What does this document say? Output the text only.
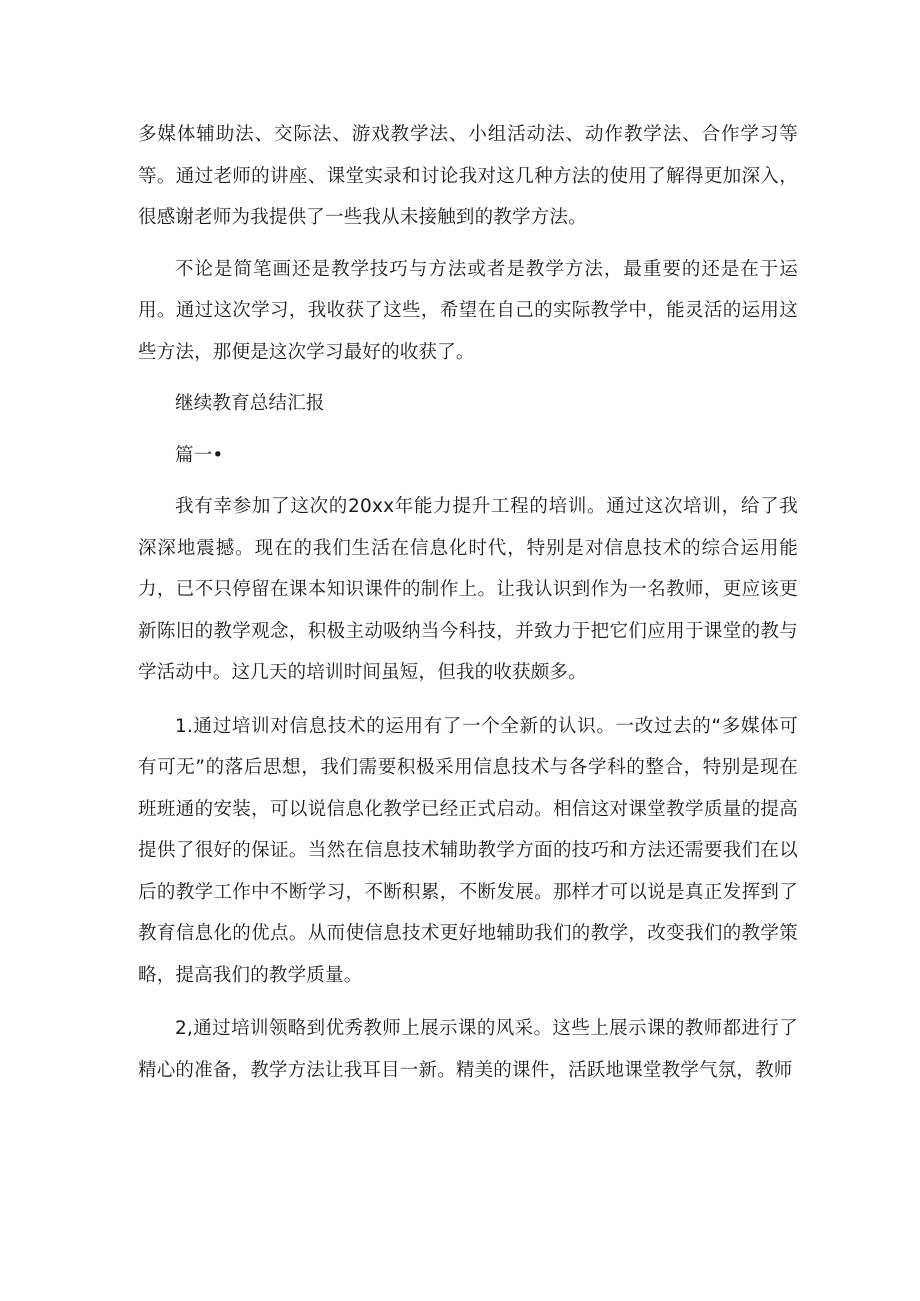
多媒体辅助法、交际法、游戏教学法、小组活动法、动作教学法、合作学习等等。通过老师的讲座、课堂实录和讨论我对这几种方法的使用了解得更加深入，很感谢老师为我提供了一些我从未接触到的教学方法。

不论是简笔画还是教学技巧与方法或者是教学方法，最重要的还是在于运用。通过这次学习，我收获了这些，希望在自己的实际教学中，能灵活的运用这些方法，那便是这次学习最好的收获了。

继续教育总结汇报

篇一•

我有幸参加了这次的20xx年能力提升工程的培训。通过这次培训，给了我深深地震撼。现在的我们生活在信息化时代，特别是对信息技术的综合运用能力，已不只停留在课本知识课件的制作上。让我认识到作为一名教师，更应该更新陈旧的教学观念，积极主动吸纳当今科技，并致力于把它们应用于课堂的教与学活动中。这几天的培训时间虽短，但我的收获颇多。

1.通过培训对信息技术的运用有了一个全新的认识。一改过去的“多媒体可有可无”的落后思想，我们需要积极采用信息技术与各学科的整合，特别是现在班班通的安装，可以说信息化教学已经正式启动。相信这对课堂教学质量的提高提供了很好的保证。当然在信息技术辅助教学方面的技巧和方法还需要我们在以后的教学工作中不断学习，不断积累，不断发展。那样才可以说是真正发挥到了教育信息化的优点。从而使信息技术更好地辅助我们的教学，改变我们的教学策略，提高我们的教学质量。

2,通过培训领略到优秀教师上展示课的风采。这些上展示课的教师都进行了精心的准备，教学方法让我耳目一新。精美的课件，活跃地课堂教学气氛，教师
